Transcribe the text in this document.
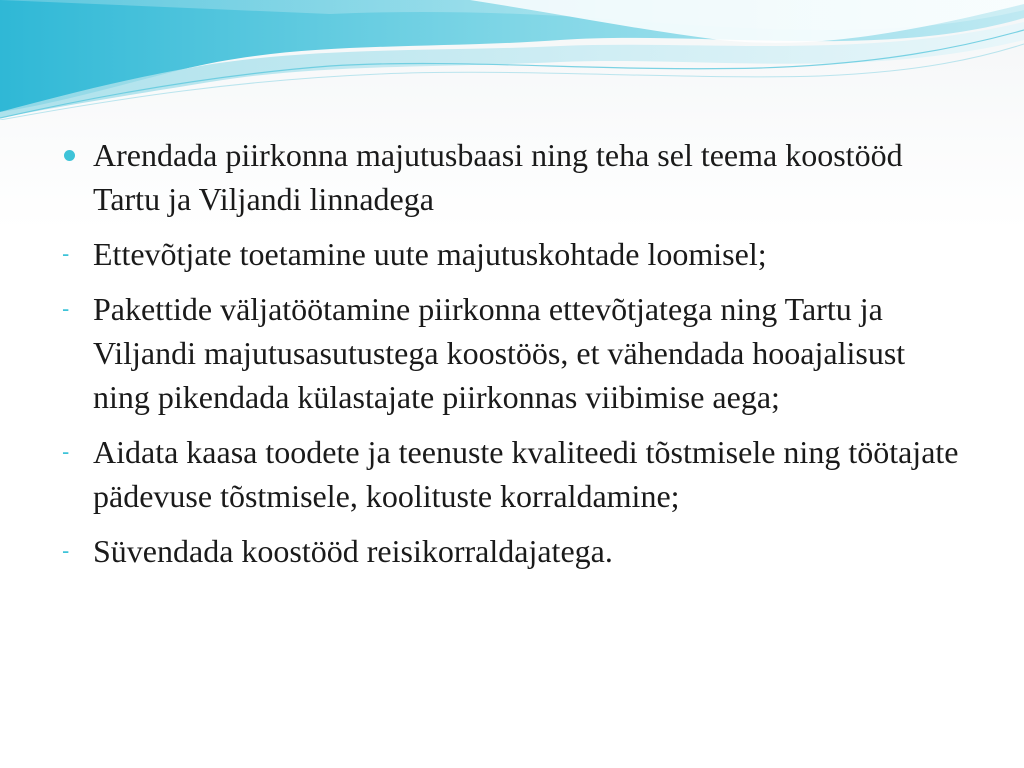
Arendada piirkonna majutusbaasi ning teha sel teema koostööd Tartu ja Viljandi linnadega
- Ettevõtjate toetamine uute majutuskohtade loomisel;
- Pakettide väljatöötamine piirkonna ettevõtjatega ning Tartu ja Viljandi majutusasutustega koostöös, et vähendada hooajalisust ning pikendada külastajate piirkonnas viibimise aega;
- Aidata kaasa toodete ja teenuste kvaliteedi tõstmisele ning töötajate pädevuse tõstmisele, koolituste korraldamine;
- Süvendada koostööd reisikorraldajatega.
